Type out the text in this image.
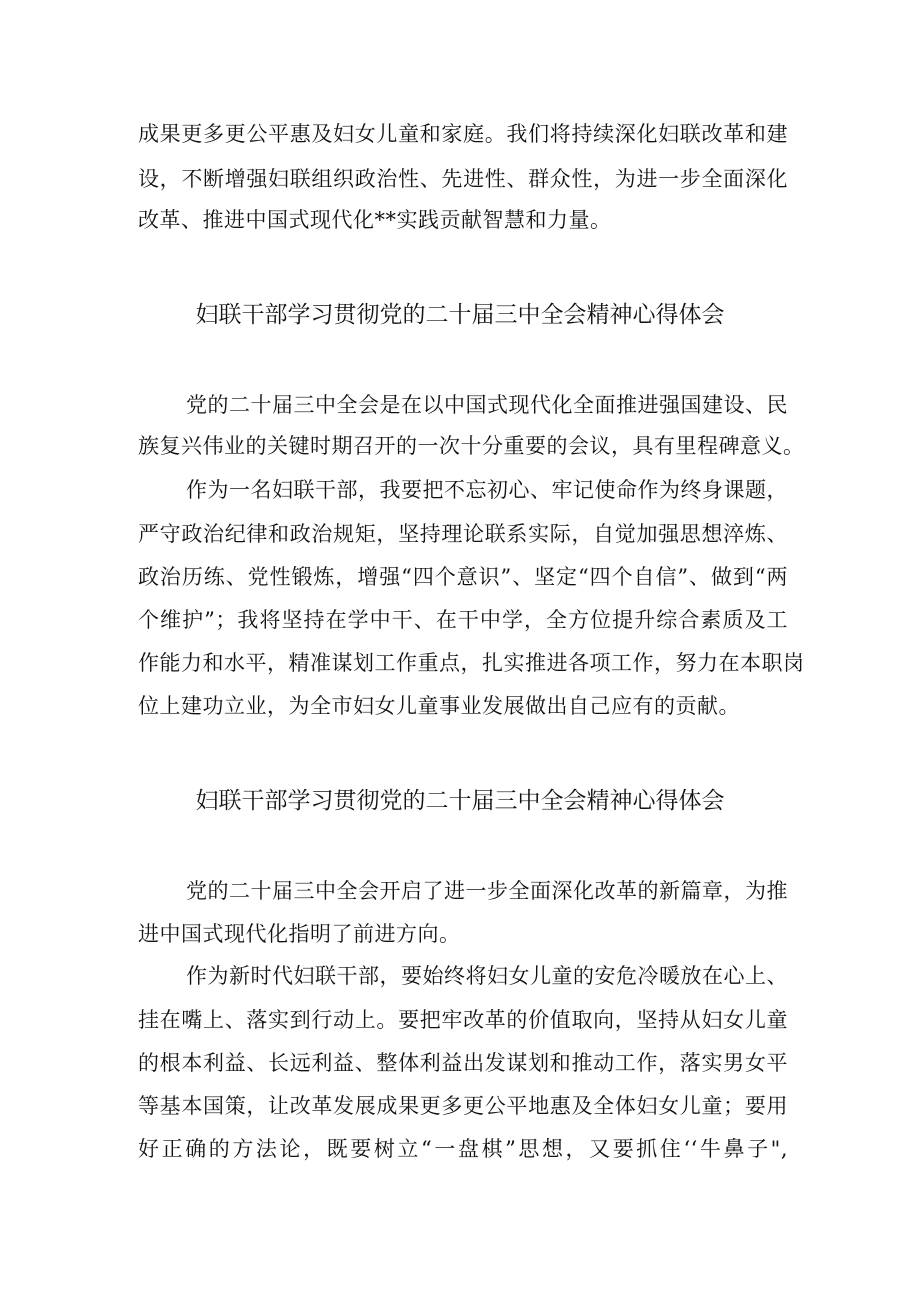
成果更多更公平惠及妇女儿童和家庭。我们将持续深化妇联改革和建
设，不断增强妇联组织政治性、先进性、群众性，为进一步全面深化
改革、推进中国式现代化**实践贡献智慧和力量。
妇联干部学习贯彻党的二十届三中全会精神心得体会
党的二十届三中全会是在以中国式现代化全面推进强国建设、民
族复兴伟业的关键时期召开的一次十分重要的会议，具有里程碑意义。
作为一名妇联干部，我要把不忘初心、牢记使命作为终身课题，
严守政治纪律和政治规矩，坚持理论联系实际，自觉加强思想淬炼、
政治历练、党性锻炼，增强“四个意识”、坚定“四个自信”、做到“两
个维护”；我将坚持在学中干、在干中学，全方位提升综合素质及工
作能力和水平，精准谋划工作重点，扎实推进各项工作，努力在本职岗
位上建功立业，为全市妇女儿童事业发展做出自己应有的贡献。
妇联干部学习贯彻党的二十届三中全会精神心得体会
党的二十届三中全会开启了进一步全面深化改革的新篇章，为推
进中国式现代化指明了前进方向。
作为新时代妇联干部，要始终将妇女儿童的安危冷暖放在心上、
挂在嘴上、落实到行动上。要把牢改革的价值取向，坚持从妇女儿童
的根本利益、长远利益、整体利益出发谋划和推动工作，落实男女平
等基本国策，让改革发展成果更多更公平地惠及全体妇女儿童；要用
好正确的方法论，既要树立“一盘棋”思想，又要抓住‘‘牛鼻子",
